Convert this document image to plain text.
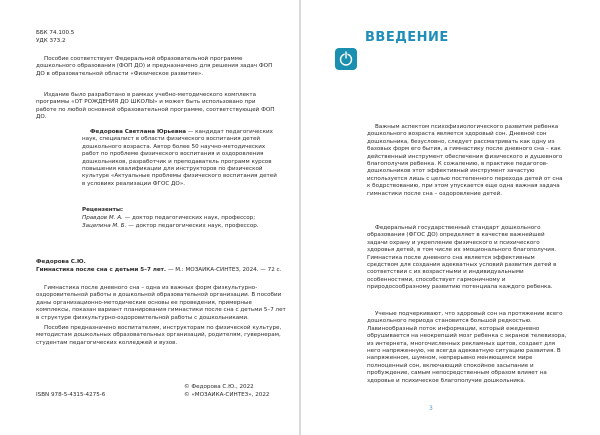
ББК 74.100.5

УДК 373.2

Пособие соответствует Федеральной образовательной программе дошкольного образования (ФОП ДО) и предназначено для решения задач ФОП ДО в образовательной области «Физическое развитие».

Издание было разработано в рамках учебно-методического комплекта программы «ОТ РОЖДЕНИЯ ДО ШКОЛЫ» и может быть использовано при работе по любой основной образовательной программе, соответствующей ФОП ДО.

Федорова Светлана Юрьевна — кандидат педагогических наук, специалист в области физического воспитания детей дошкольного возраста. Автор более 50 научно-методических работ по проблеме физического воспитания и оздоровления дошкольников, разработчик и преподаватель программ курсов повышения квалификации для инструкторов по физической культуре «Актуальные проблемы физического воспитания детей в условиях реализации ФГОС ДО».

Рецензенты:

Правдов М. А. — доктор педагогических наук, профессор;

Зацепина М. Б. — доктор педагогических наук, профессор.

Федорова С.Ю.

Гимнастика после сна с детьми 5–7 лет. — М.: МОЗАИКА-СИНТЕЗ, 2024. — 72 с.

Гимнастика после дневного сна – одна из важных форм физкультурно-оздоровительной работы в дошкольной образовательной организации. В пособии даны организационно-методические основы ее проведения, примерные комплексы, показан вариант планирования гимнастики после сна с детьми 5–7 лет в структуре физкультурно-оздоровительной работы с дошкольниками.

Пособие предназначено воспитателям, инструкторам по физической культуре, методистам дошкольных образовательных организаций, родителям, гувернерам, студентам педагогических колледжей и вузов.

© Федорова С.Ю., 2022

© «МОЗАИКА-СИНТЕЗ», 2022

ISBN 978-5-4315-4275-6

ВВЕДЕНИЕ

Важным аспектом психофизиологического развития ребенка дошкольного возраста является здоровый сон. Дневной сон дошкольника, безусловно, следует рассматривать как одну из базовых форм его бытия, а гимнастику после дневного сна – как действенный инструмент обеспечения физического и душевного благополучия ребенка. К сожалению, в практике педагогов-дошкольников этот эффективный инструмент зачастую используется лишь с целью постепенного перехода детей от сна к бодрствованию, при этом упускается еще одна важная задача гимнастики после сна – оздоровление детей.

Федеральный государственный стандарт дошкольного образования (ФГОС ДО) определяет в качестве важнейшей задачи охрану и укрепление физического и психического здоровья детей, в том числе их эмоционального благополучия. Гимнастика после дневного сна является эффективным средством для создания адекватных условий развития детей в соответствии с их возрастными и индивидуальными особенностями, способствует гармоничному и природосообразному развитию потенциала каждого ребенка.

Ученые подчеркивают, что здоровый сон на протяжении всего дошкольного периода становится большой редкостью. Лавинообразный поток информации, который ежедневно обрушивается на неокрепший мозг ребенка с экранов телевизора, из интернета, многочисленных рекламных щитов, создает для него напряженную, не всегда адекватную ситуацию развития. В напряженном, шумном, непрерывно меняющемся мире полноценный сон, включающий спокойное засыпание и пробуждение, самым непосредственным образом влияет на здоровье и психическое благополучие дошкольника.

3
